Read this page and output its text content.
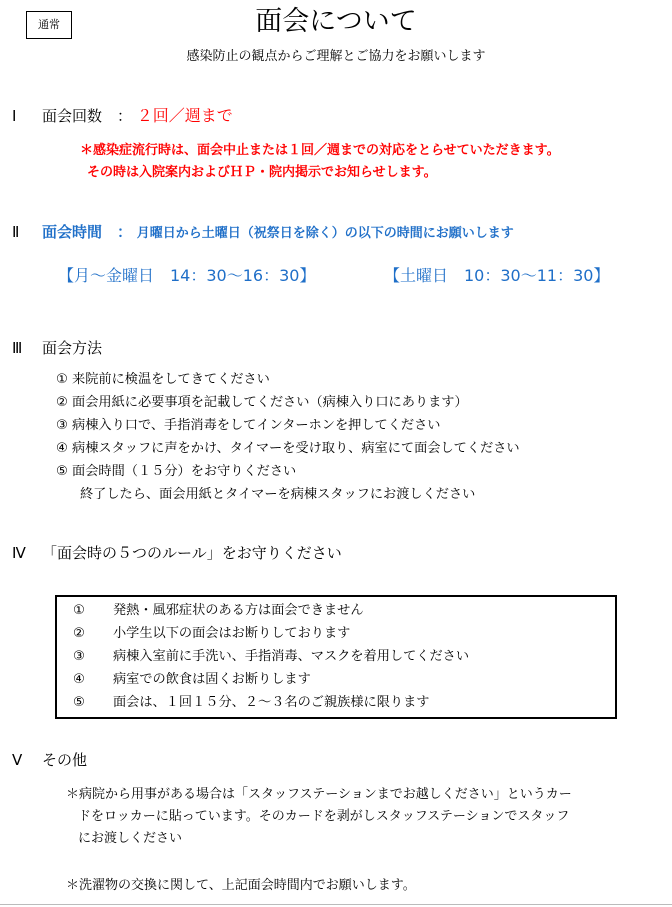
通常	面会について
感染防止の観点からご理解とご協力をお願いします
Ⅰ 面会回数　： ２回／週まで
＊感染症流行時は、面会中止または１回／週までの対応をとらせていただきます。
その時は入院案内およびＨＰ・院内掲示でお知らせします。
Ⅱ 面会時間　： 月曜日から土曜日（祝祭日を除く）の以下の時間にお願いします
【月～金曜日　14：30～16：30】	【土曜日　10：30～11：30】
Ⅲ 面会方法
① 来院前に検温をしてきてください
② 面会用紙に必要事項を記載してください（病棟入り口にあります）
③ 病棟入り口で、手指消毒をしてインターホンを押してください
④ 病棟スタッフに声をかけ、タイマーを受け取り、病室にて面会してください
⑤ 面会時間（１５分）をお守りください
終了したら、面会用紙とタイマーを病棟スタッフにお渡しください
Ⅳ 「面会時の５つのルール」をお守りください
① 発熱・風邪症状のある方は面会できません
② 小学生以下の面会はお断りしております
③ 病棟入室前に手洗い、手指消毒、マスクを着用してください
④ 病室での飲食は固くお断りします
⑤ 面会は、１回１５分、２～３名のご親族様に限ります
Ⅴ その他
＊病院から用事がある場合は「スタッフステーションまでお越しください」というカー
ドをロッカーに貼っています。そのカードを剥がしスタッフステーションでスタッフ
にお渡しください
＊洗濯物の交換に関して、上記面会時間内でお願いします。
